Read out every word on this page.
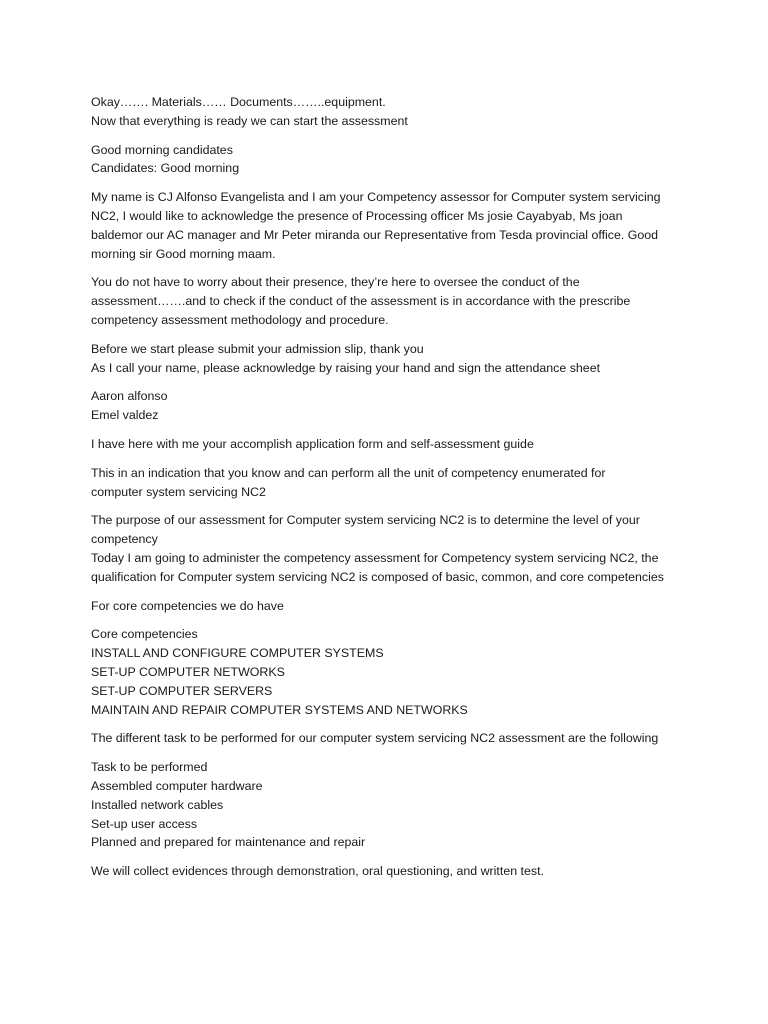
Okay……. Materials…… Documents……..equipment.
Now that everything is ready we can start the assessment

Good morning candidates
Candidates: Good morning

My name is CJ Alfonso Evangelista and I am your Competency assessor for Computer system servicing
NC2, I would like to acknowledge the presence of Processing officer Ms josie Cayabyab, Ms joan
baldemor our AC manager and Mr Peter miranda our Representative from Tesda provincial office. Good
morning sir Good morning maam.

You do not have to worry about their presence, they’re here to oversee the conduct of the
assessment…….and to check if the conduct of the assessment is in accordance with the prescribe
competency assessment methodology and procedure.

Before we start please submit your admission slip, thank you
As I call your name, please acknowledge by raising your hand and sign the attendance sheet

Aaron alfonso
Emel valdez

I have here with me your accomplish application form and self-assessment guide

This in an indication that you know and can perform all the unit of competency enumerated for
computer system servicing NC2

The purpose of our assessment for Computer system servicing NC2 is to determine the level of your
competency
Today I am going to administer the competency assessment for Competency system servicing NC2, the
qualification for Computer system servicing NC2 is composed of basic, common, and core competencies

For core competencies we do have

Core competencies
INSTALL AND CONFIGURE COMPUTER SYSTEMS
SET-UP COMPUTER NETWORKS
SET-UP COMPUTER SERVERS
MAINTAIN AND REPAIR COMPUTER SYSTEMS AND NETWORKS

The different task to be performed for our computer system servicing NC2 assessment are the following

Task to be performed
Assembled computer hardware
Installed network cables
Set-up user access
Planned and prepared for maintenance and repair

We will collect evidences through demonstration, oral questioning, and written test.
